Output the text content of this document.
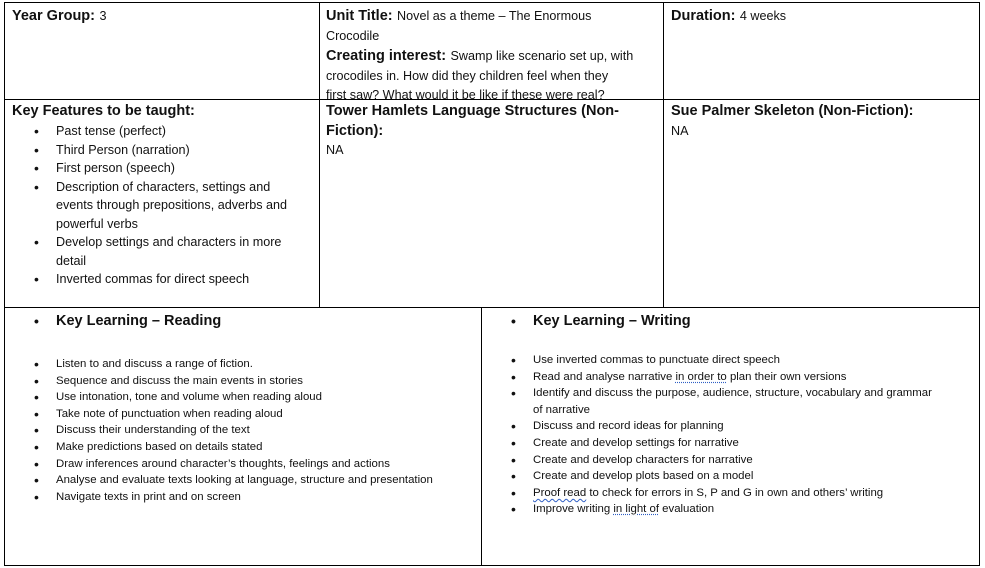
Year Group: 3	Unit Title: Novel as a theme – The Enormous
Crocodile
Creating interest: Swamp like scenario set up, with
crocodiles in. How did they children feel when they
first saw? What would it be like if these were real?
Duration: 4 weeks
Key Features to be taught:
• Past tense (perfect)
• Third Person (narration)
• First person (speech)
• Description of characters, settings and
events through prepositions, adverbs and
powerful verbs
• Develop settings and characters in more
detail
• Inverted commas for direct speech
Tower Hamlets Language Structures (Non-
Fiction):
NA
Sue Palmer Skeleton (Non-Fiction):
NA
• Key Learning – Reading
• Listen to and discuss a range of fiction.
• Sequence and discuss the main events in stories
• Use intonation, tone and volume when reading aloud
• Take note of punctuation when reading aloud
• Discuss their understanding of the text
• Make predictions based on details stated
• Draw inferences around character’s thoughts, feelings and actions
• Analyse and evaluate texts looking at language, structure and presentation
• Navigate texts in print and on screen
• Key Learning – Writing
• Use inverted commas to punctuate direct speech
• Read and analyse narrative in order to plan their own versions
• Identify and discuss the purpose, audience, structure, vocabulary and grammar
of narrative
• Discuss and record ideas for planning
• Create and develop settings for narrative
• Create and develop characters for narrative
• Create and develop plots based on a model
• Proof read to check for errors in S, P and G in own and others’ writing
• Improve writing in light of evaluation
